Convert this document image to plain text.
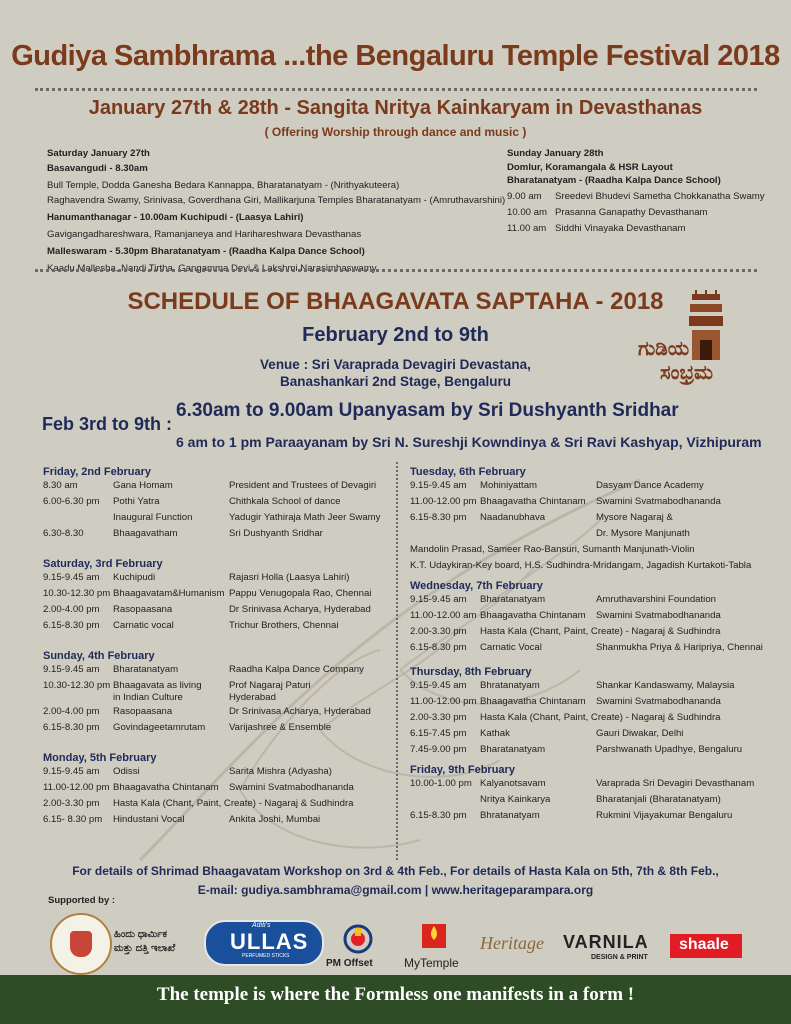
Gudiya Sambhrama ...the Bengaluru Temple Festival 2018
January 27th & 28th - Sangita Nritya Kainkaryam in Devasthanas
( Offering Worship through dance and music )
Saturday January 27th
Basavangudi - 8.30am
Bull Temple, Dodda Ganesha Bedara Kannappa, Bharatanatyam - (Nrithyakuteera)
Raghavendra Swamy, Srinivasa, Goverdhana Giri, Mallikarjuna Temples Bharatanatyam - (Amruthavarshini)
Hanumanthanagar - 10.00am Kuchipudi - (Laasya Lahiri)
Gavigangadhareshwara, Ramanjaneya and Harihareshwara Devasthanas
Malleswaram - 5.30pm Bharatanatyam - (Raadha Kalpa Dance School)
Kaadu Mallesha, Nandi Tirtha, Gangamma Devi & Lakshmi Narasimhaswamy
Sunday January 28th
Domlur, Koramangala & HSR Layout
Bharatanatyam - (Raadha Kalpa Dance School)
9.00 am Sreedevi Bhudevi Sametha Chokkanatha Swamy
10.00 am Prasanna Ganapathy Devasthanam
11.00 am Siddhi Vinayaka Devasthanam
SCHEDULE OF BHAAGAVATA SAPTAHA - 2018
February 2nd to 9th
Venue : Sri Varaprada Devagiri Devastana,
Banashankari 2nd Stage, Bengaluru
ಗುಡಿಯ
ಸಂಭ್ರಮ
Feb 3rd to 9th :
6.30am to 9.00am Upanyasam by Sri Dushyanth Sridhar
6 am to 1 pm Paraayanam by Sri N. Sureshji Kowndinya & Sri Ravi Kashyap, Vizhipuram
Friday, 2nd February
8.30 am	Gana Homam	President and Trustees of Devagiri
6.00-6.30 pm Pothi Yatra	Chithkala School of dance
Inaugural Function	Yadugir Yathiraja Math Jeer Swamy
6.30-8.30	Bhaagavatham	Sri Dushyanth Sridhar
Saturday, 3rd February
9.15-9.45 am Kuchipudi	Rajasri Holla (Laasya Lahiri)
10.30-12.30 pm Bhaagavatam&Humanism Pappu Venugopala Rao, Chennai
2.00-4.00 pm Rasopaasana	Dr Srinivasa Acharya, Hyderabad
6.15-8.30 pm Carnatic vocal	Trichur Brothers, Chennai
Sunday, 4th February
9.15-9.45 am Bharatanatyam	Raadha Kalpa Dance Company
10.30-12.30 pm Bhaagavata as living
in Indian Culture
Prof Nagaraj Paturi
Hyderabad
2.00-4.00 pm Rasopaasana	Dr Srinivasa Acharya, Hyderabad
6.15-8.30 pm Govindageetamrutam Varijashree & Ensemble
Monday, 5th February
9.15-9.45 am Odissi	Sarita Mishra (Adyasha)
11.00-12.00 pm Bhaagavatha Chintanam Swamini Svatmabodhananda
2.00-3.30 pm Hasta Kala (Chant, Paint, Create) - Nagaraj & Sudhindra
6.15- 8.30 pm Hindustani Vocal	Ankita Joshi, Mumbai
Tuesday, 6th February
9.15-9.45 am Mohiniyattam	Dasyam Dance Academy
11.00-12.00 pm Bhaagavatha Chintanam Swamini Svatmabodhananda
6.15-8.30 pm Naadanubhava	Mysore Nagaraj &
Dr. Mysore Manjunath
Mandolin Prasad, Sameer Rao-Bansuri, Sumanth Manjunath-Violin
K.T. Udaykiran-Key board, H.S. Sudhindra-Mridangam, Jagadish Kurtakoti-Tabla
Wednesday, 7th February
9.15-9.45 am Bharatanatyam	Amruthavarshini Foundation
11.00-12.00 am Bhaagavatha Chintanam Swamini Svatmabodhananda
2.00-3.30 pm Hasta Kala (Chant, Paint, Create) - Nagaraj & Sudhindra
6.15-8.30 pm Carnatic Vocal	Shanmukha Priya & Haripriya, Chennai
Thursday, 8th February
9.15-9.45 am Bhratanatyam	Shankar Kandaswamy, Malaysia
11.00-12.00 pm Bhaagavatha Chintanam Swamini Svatmabodhananda
2.00-3.30 pm Hasta Kala (Chant, Paint, Create) - Nagaraj & Sudhindra
6.15-7.45 pm Kathak	Gauri Diwakar, Delhi
7.45-9.00 pm Bharatanatyam	Parshwanath Upadhye, Bengaluru
Friday, 9th February
10.00-1.00 pm Kalyanotsavam	Varaprada Sri Devagiri Devasthanam
Nritya Kainkarya	Bharatanjali (Bharatanatyam)
6.15-8.30 pm Bhratanatyam	Rukmini Vijayakumar Bengaluru
For details of Shrimad Bhaagavatam Workshop on 3rd & 4th Feb., For details of Hasta Kala on 5th, 7th & 8th Feb.,
E-mail: gudiya.sambhrama@gmail.com | www.heritageparampara.org
Supported by :
ಹಿಂದು ಧಾರ್ಮಿಕ
ಮತ್ತು ದತ್ತಿ ಇಲಾಖೆ
Aditi's
ULLAS
PERFUMED STICKS
PM Offset	MyTemple
Heritage VARNILA
DESIGN & PRINT
shaale
The temple is where the Formless one manifests in a form !
